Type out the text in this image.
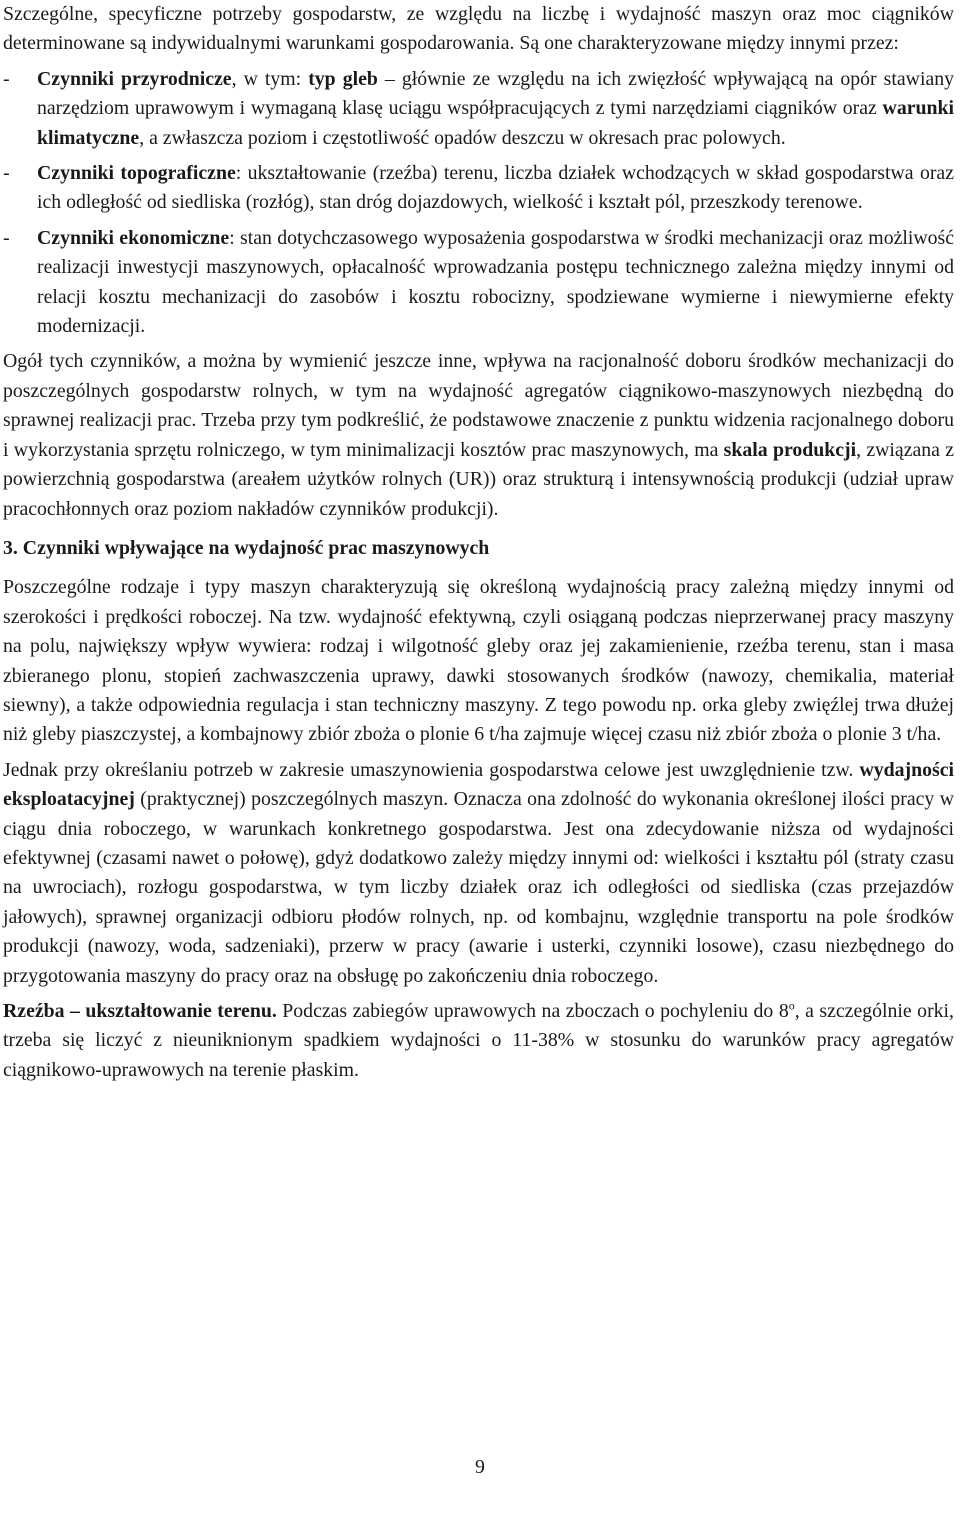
Szczególne, specyficzne potrzeby gospodarstw, ze względu na liczbę i wydajność maszyn oraz moc ciągników determinowane są indywidualnymi warunkami gospodarowania. Są one charakteryzowane między innymi przez:

- Czynniki przyrodnicze, w tym: typ gleb – głównie ze względu na ich zwięzłość wpływającą na opór stawiany narzędziom uprawowym i wymaganą klasę uciągu współpracujących z tymi narzędziami ciągników oraz warunki klimatyczne, a zwłaszcza poziom i częstotliwość opadów deszczu w okresach prac polowych.

- Czynniki topograficzne: ukształtowanie (rzeźba) terenu, liczba działek wchodzących w skład gospodarstwa oraz ich odległość od siedliska (rozłóg), stan dróg dojazdowych, wielkość i kształt pól, przeszkody terenowe.

- Czynniki ekonomiczne: stan dotychczasowego wyposażenia gospodarstwa w środki mechanizacji oraz możliwość realizacji inwestycji maszynowych, opłacalność wprowadzania postępu technicznego zależna między innymi od relacji kosztu mechanizacji do zasobów i kosztu robocizny, spodziewane wymierne i niewymierne efekty modernizacji.

Ogół tych czynników, a można by wymienić jeszcze inne, wpływa na racjonalność doboru środków mechanizacji do poszczególnych gospodarstw rolnych, w tym na wydajność agregatów ciągnikowo-maszynowych niezbędną do sprawnej realizacji prac. Trzeba przy tym podkreślić, że podstawowe znaczenie z punktu widzenia racjonalnego doboru i wykorzystania sprzętu rolniczego, w tym minimalizacji kosztów prac maszynowych, ma skala produkcji, związana z powierzchnią gospodarstwa (areałem użytków rolnych (UR)) oraz strukturą i intensywnością produkcji (udział upraw pracochłonnych oraz poziom nakładów czynników produkcji).

3. Czynniki wpływające na wydajność prac maszynowych

Poszczególne rodzaje i typy maszyn charakteryzują się określoną wydajnością pracy zależną między innymi od szerokości i prędkości roboczej. Na tzw. wydajność efektywną, czyli osiąganą podczas nieprzerwanej pracy maszyny na polu, największy wpływ wywiera: rodzaj i wilgotność gleby oraz jej zakamienienie, rzeźba terenu, stan i masa zbieranego plonu, stopień zachwaszczenia uprawy, dawki stosowanych środków (nawozy, chemikalia, materiał siewny), a także odpowiednia regulacja i stan techniczny maszyny. Z tego powodu np. orka gleby zwięźlej trwa dłużej niż gleby piaszczystej, a kombajnowy zbiór zboża o plonie 6 t/ha zajmuje więcej czasu niż zbiór zboża o plonie 3 t/ha.

Jednak przy określaniu potrzeb w zakresie umaszynowienia gospodarstwa celowe jest uwzględnienie tzw. wydajności eksploatacyjnej (praktycznej) poszczególnych maszyn. Oznacza ona zdolność do wykonania określonej ilości pracy w ciągu dnia roboczego, w warunkach konkretnego gospodarstwa. Jest ona zdecydowanie niższa od wydajności efektywnej (czasami nawet o połowę), gdyż dodatkowo zależy między innymi od: wielkości i kształtu pól (straty czasu na uwrociach), rozłogu gospodarstwa, w tym liczby działek oraz ich odległości od siedliska (czas przejazdów jałowych), sprawnej organizacji odbioru płodów rolnych, np. od kombajnu, względnie transportu na pole środków produkcji (nawozy, woda, sadzeniaki), przerw w pracy (awarie i usterki, czynniki losowe), czasu niezbędnego do przygotowania maszyny do pracy oraz na obsługę po zakończeniu dnia roboczego.

Rzeźba – ukształtowanie terenu. Podczas zabiegów uprawowych na zboczach o pochyleniu do 8$^o$, a szczególnie orki, trzeba się liczyć z nieuniknionym spadkiem wydajności o 11-38% w stosunku do warunków pracy agregatów ciągnikowo-uprawowych na terenie płaskim.

9
